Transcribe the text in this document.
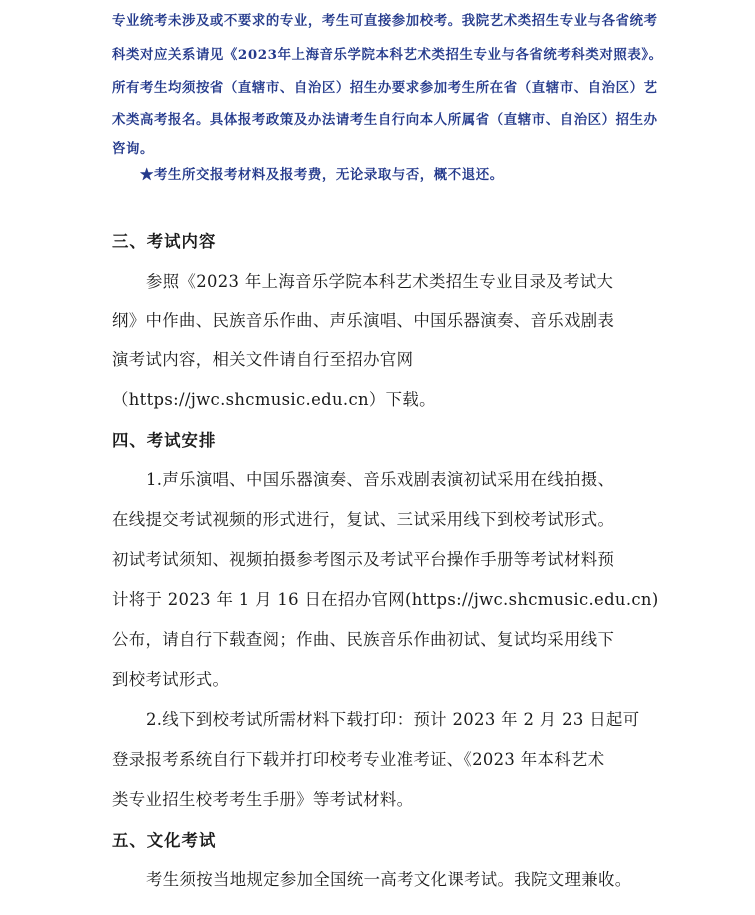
专业统考未涉及或不要求的专业，考生可直接参加校考。我院艺术类招生专业与各省统考
科类对应关系请见《2023年上海音乐学院本科艺术类招生专业与各省统考科类对照表》。
所有考生均须按省（直辖市、自治区）招生办要求参加考生所在省（直辖市、自治区）艺
术类高考报名。具体报考政策及办法请考生自行向本人所属省（直辖市、自治区）招生办
咨询。
★考生所交报考材料及报考费，无论录取与否，概不退还。
三、考试内容
参照《2023 年上海音乐学院本科艺术类招生专业目录及考试大
纲》中作曲、民族音乐作曲、声乐演唱、中国乐器演奏、音乐戏剧表
演考试内容，相关文件请自行至招办官网
（https://jwc.shcmusic.edu.cn）下载。
四、考试安排
1.声乐演唱、中国乐器演奏、音乐戏剧表演初试采用在线拍摄、
在线提交考试视频的形式进行，复试、三试采用线下到校考试形式。
初试考试须知、视频拍摄参考图示及考试平台操作手册等考试材料预
计将于 2023 年 1 月 16 日在招办官网(https://jwc.shcmusic.edu.cn)
公布，请自行下载查阅；作曲、民族音乐作曲初试、复试均采用线下
到校考试形式。
2.线下到校考试所需材料下载打印：预计 2023 年 2 月 23 日起可
登录报考系统自行下载并打印校考专业准考证、《2023 年本科艺术
类专业招生校考考生手册》等考试材料。
五、文化考试
考生须按当地规定参加全国统一高考文化课考试。我院文理兼收。
